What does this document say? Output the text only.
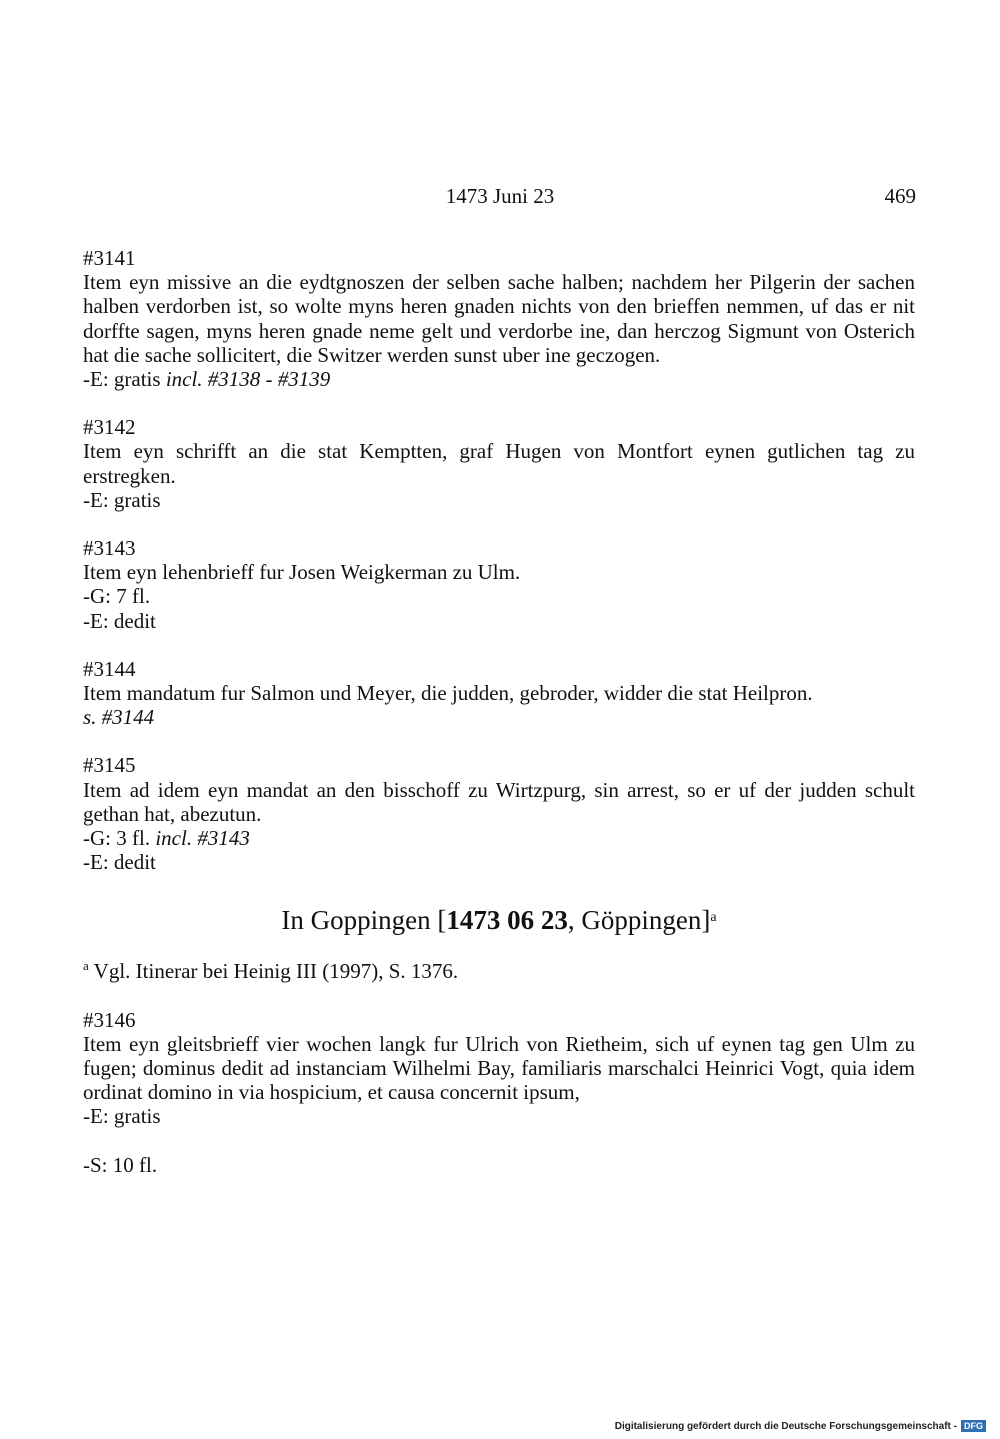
1473 Juni 23	469

#3141

Item eyn missive an die eydtgnoszen der selben sache halben; nachdem her Pilgerin der sachen halben verdorben ist, so wolte myns heren gnaden nichts von den brieffen nemmen, uf das er nit dorffte sagen, myns heren gnade neme gelt und verdorbe ine, dan herczog Sigmunt von Osterich hat die sache sollicitert, die Switzer werden sunst uber ine geczogen.

-E: gratis incl. #3138 - #3139

#3142

Item eyn schrifft an die stat Kemptten, graf Hugen von Montfort eynen gutlichen tag zu erstregken.

-E: gratis

#3143

Item eyn lehenbrieff fur Josen Weigkerman zu Ulm.

-G: 7 fl.

-E: dedit

#3144

Item mandatum fur Salmon und Meyer, die judden, gebroder, widder die stat Heilpron.

s. #3144

#3145

Item ad idem eyn mandat an den bisschoff zu Wirtzpurg, sin arrest, so er uf der judden schult gethan hat, abezutun.

-G: 3 fl. incl. #3143

-E: dedit

In Goppingen [1473 06 23, Göppingen]$^a$

$^a$ Vgl. Itinerar bei Heinig III (1997), S. 1376.

#3146

Item eyn gleitsbrieff vier wochen langk fur Ulrich von Rietheim, sich uf eynen tag gen Ulm zu fugen; dominus dedit ad instanciam Wilhelmi Bay, familiaris marschalci Heinrici Vogt, quia idem ordinat domino in via hospicium, et causa concernit ipsum,

-E: gratis

-S: 10 fl.

Digitalisierung gefördert durch die Deutsche Forschungsgemeinschaft - DFG
